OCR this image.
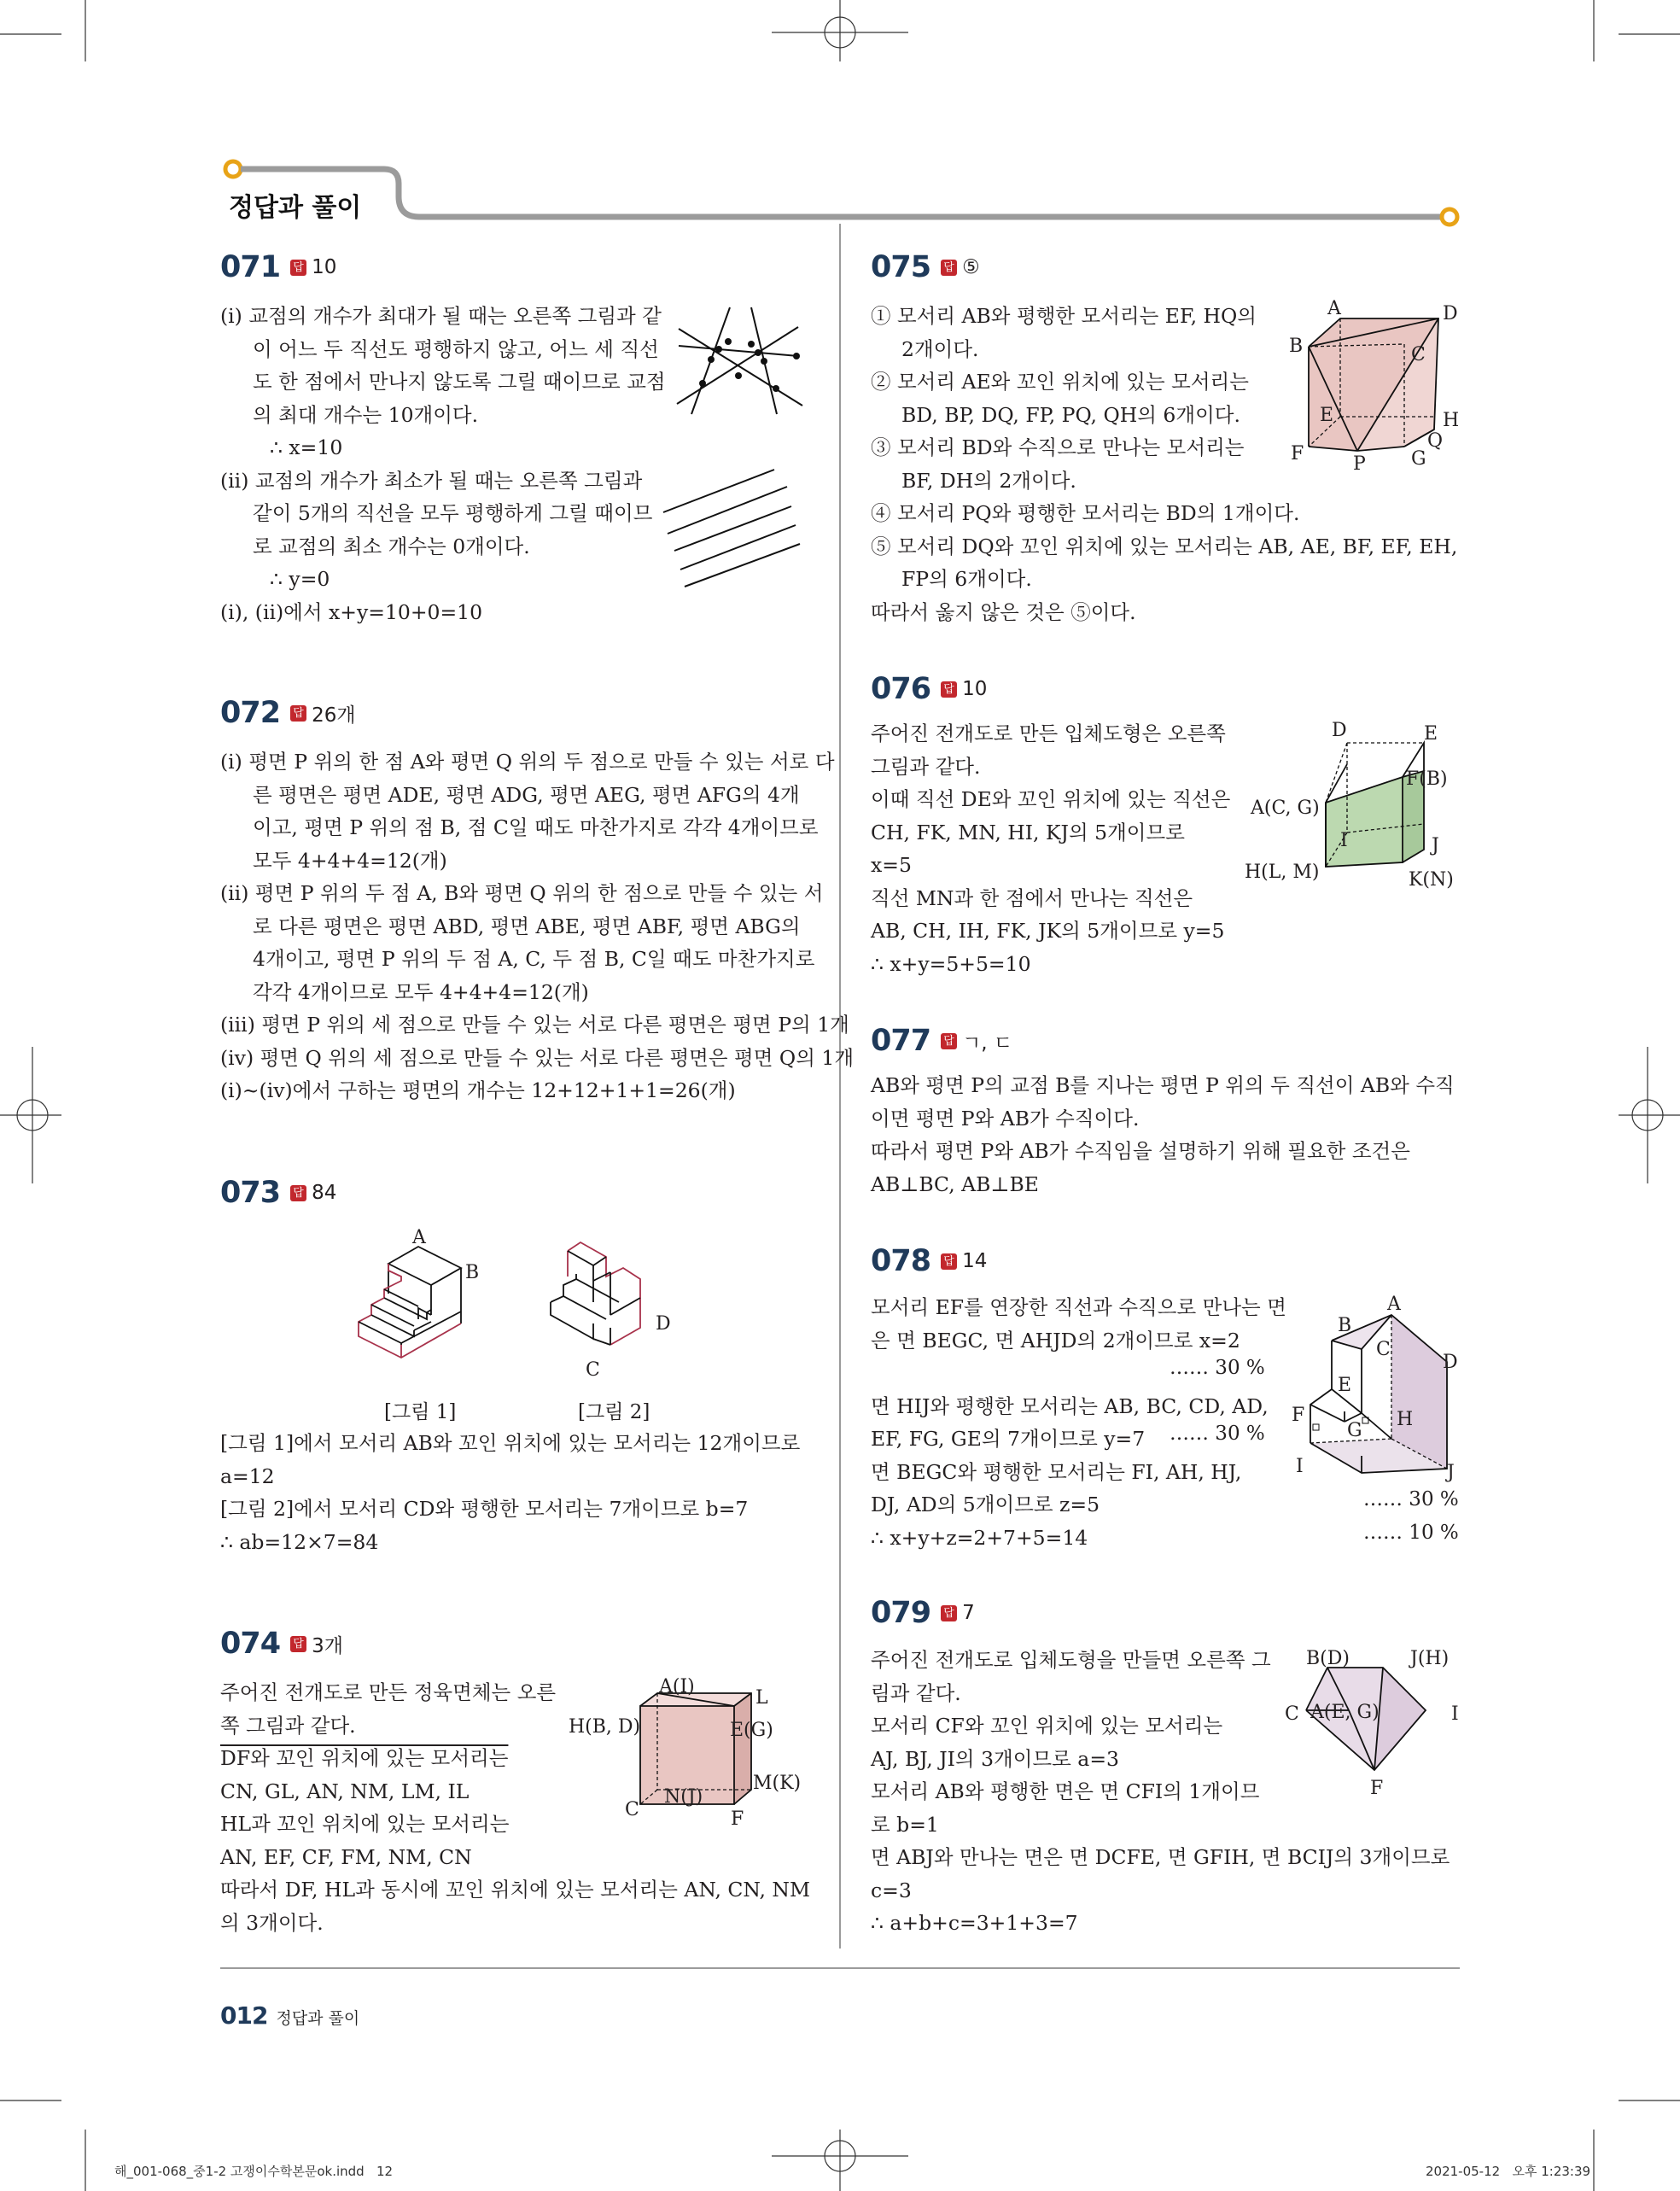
정답과 풀이
071 답 10

(ⅰ) 교점의 개수가 최대가 될 때는 오른쪽 그림과 같

이 어느 두 직선도 평행하지 않고, 어느 세 직선

도 한 점에서 만나지 않도록 그릴 때이므로 교점

의 최대 개수는 10개이다.

∴ x=10

(ⅱ) 교점의 개수가 최소가 될 때는 오른쪽 그림과

같이 5개의 직선을 모두 평행하게 그릴 때이므

로 교점의 최소 개수는 0개이다.

∴ y=0

(ⅰ), (ⅱ)에서 x+y=10+0=10

072 답 26개

(ⅰ) 평면 P 위의 한 점 A와 평면 Q 위의 두 점으로 만들 수 있는 서로 다

른 평면은 평면 ADE, 평면 ADG, 평면 AEG, 평면 AFG의 4개

이고, 평면 P 위의 점 B, 점 C일 때도 마찬가지로 각각 4개이므로

모두 4+4+4=12(개)

(ⅱ) 평면 P 위의 두 점 A, B와 평면 Q 위의 한 점으로 만들 수 있는 서

로 다른 평면은 평면 ABD, 평면 ABE, 평면 ABF, 평면 ABG의

4개이고, 평면 P 위의 두 점 A, C, 두 점 B, C일 때도 마찬가지로

각각 4개이므로 모두 4+4+4=12(개)

(ⅲ) 평면 P 위의 세 점으로 만들 수 있는 서로 다른 평면은 평면 P의 1개

(ⅳ) 평면 Q 위의 세 점으로 만들 수 있는 서로 다른 평면은 평면 Q의 1개

(ⅰ)~(ⅳ)에서 구하는 평면의 개수는 12+12+1+1=26(개)

073 답 84
A
B
[그림 1]
D
C
[그림 2]

[그림 1]에서 모서리 AB와 꼬인 위치에 있는 모서리는 12개이므로

a=12

[그림 2]에서 모서리 CD와 평행한 모서리는 7개이므로 b=7

∴ ab=12×7=84

074 답 3개

주어진 전개도로 만든 정육면체는 오른

쪽 그림과 같다.

DF와 꼬인 위치에 있는 모서리는

CN, GL, AN, NM, LM, IL

HL과 꼬인 위치에 있는 모서리는

AN, EF, CF, FM, NM, CN

따라서 DF, HL과 동시에 꼬인 위치에 있는 모서리는 AN, CN, NM

의 3개이다.

A(I)
L
H(B, D)	E(G)
M(K)
N(J)
C	F
075 답 ⑤

① 모서리 AB와 평행한 모서리는 EF, HQ의

2개이다.

② 모서리 AE와 꼬인 위치에 있는 모서리는

BD, BP, DQ, FP, PQ, QH의 6개이다.

③ 모서리 BD와 수직으로 만나는 모서리는

BF, DH의 2개이다.

④ 모서리 PQ와 평행한 모서리는 BD의 1개이다.

⑤ 모서리 DQ와 꼬인 위치에 있는 모서리는 AB, AE, BF, EF, EH,

FP의 6개이다.

따라서 옳지 않은 것은 ⑤이다.

A	D
B	C
E	H
Q
F	P G
076 답 10

주어진 전개도로 만든 입체도형은 오른쪽

그림과 같다.

이때 직선 DE와 꼬인 위치에 있는 직선은

CH, FK, MN, HI, KJ의 5개이므로

x=5

직선 MN과 한 점에서 만나는 직선은

AB, CH, IH, FK, JK의 5개이므로 y=5

∴ x+y=5+5=10

D	E
F(B)
A(C, G)
I	J
H(L, M)	K(N)
077 답 ㄱ, ㄷ

AB와 평면 P의 교점 B를 지나는 평면 P 위의 두 직선이 AB와 수직

이면 평면 P와 AB가 수직이다.

따라서 평면 P와 AB가 수직임을 설명하기 위해 필요한 조건은

AB⊥BC, AB⊥BE

078 답 14

모서리 EF를 연장한 직선과 수직으로 만나는 면

은 면 BEGC, 면 AHJD의 2개이므로 x=2

면 HIJ와 평행한 모서리는 AB, BC, CD, AD,

EF, FG, GE의 7개이므로 y=7

면 BEGC와 평행한 모서리는 FI, AH, HJ,

DJ, AD의 5개이므로 z=5

∴ x+y+z=2+7+5=14

…… 30 %
…… 30 %
…… 30 %
…… 10 %
A
B
C
D
E
F
G
H
I	J
079 답 7

주어진 전개도로 입체도형을 만들면 오른쪽 그

림과 같다.

모서리 CF와 꼬인 위치에 있는 모서리는

AJ, BJ, JI의 3개이므로 a=3

모서리 AB와 평행한 면은 면 CFI의 1개이므

로 b=1

면 ABJ와 만나는 면은 면 DCFE, 면 GFIH, 면 BCIJ의 3개이므로

c=3

∴ a+b+c=3+1+3=7

B(D)	J(H)
C A(E, G)	I
F
012 정답과 풀이
해_001-068_중1-2 고쟁이수학본문ok.indd   12	2021-05-12   오후 1:23:39
